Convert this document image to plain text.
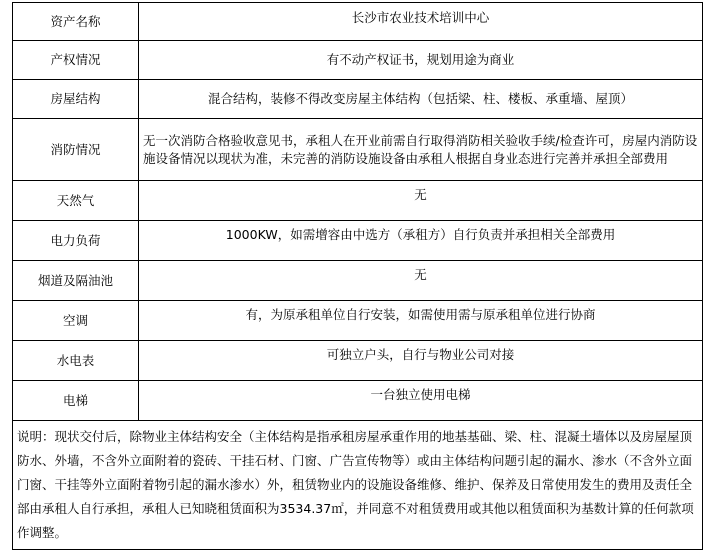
资产名称	长沙市农业技术培训中心
产权情况	有不动产权证书，规划用途为商业
房屋结构	混合结构，装修不得改变房屋主体结构（包括梁、柱、楼板、承重墙、屋顶）
消防情况	无一次消防合格验收意见书，承租人在开业前需自行取得消防相关验收手续/检查许可，房屋内消防设施设备情况以现状为准，未完善的消防设施设备由承租人根据自身业态进行完善并承担全部费用
天然气	无
电力负荷	1000KW，如需增容由中选方（承租方）自行负责并承担相关全部费用
烟道及隔油池	无
空调	有，为原承租单位自行安装，如需使用需与原承租单位进行协商
水电表	可独立户头，自行与物业公司对接
电梯	一台独立使用电梯
说明：现状交付后，除物业主体结构安全（主体结构是指承租房屋承重作用的地基基础、梁、柱、混凝土墙体以及房屋屋顶防水、外墙，不含外立面附着的瓷砖、干挂石材、门窗、广告宣传物等）或由主体结构问题引起的漏水、渗水（不含外立面门窗、干挂等外立面附着物引起的漏水渗水）外，租赁物业内的设施设备维修、维护、保养及日常使用发生的费用及责任全部由承租人自行承担，承租人已知晓租赁面积为3534.37㎡，并同意不对租赁费用或其他以租赁面积为基数计算的任何款项作调整。	
